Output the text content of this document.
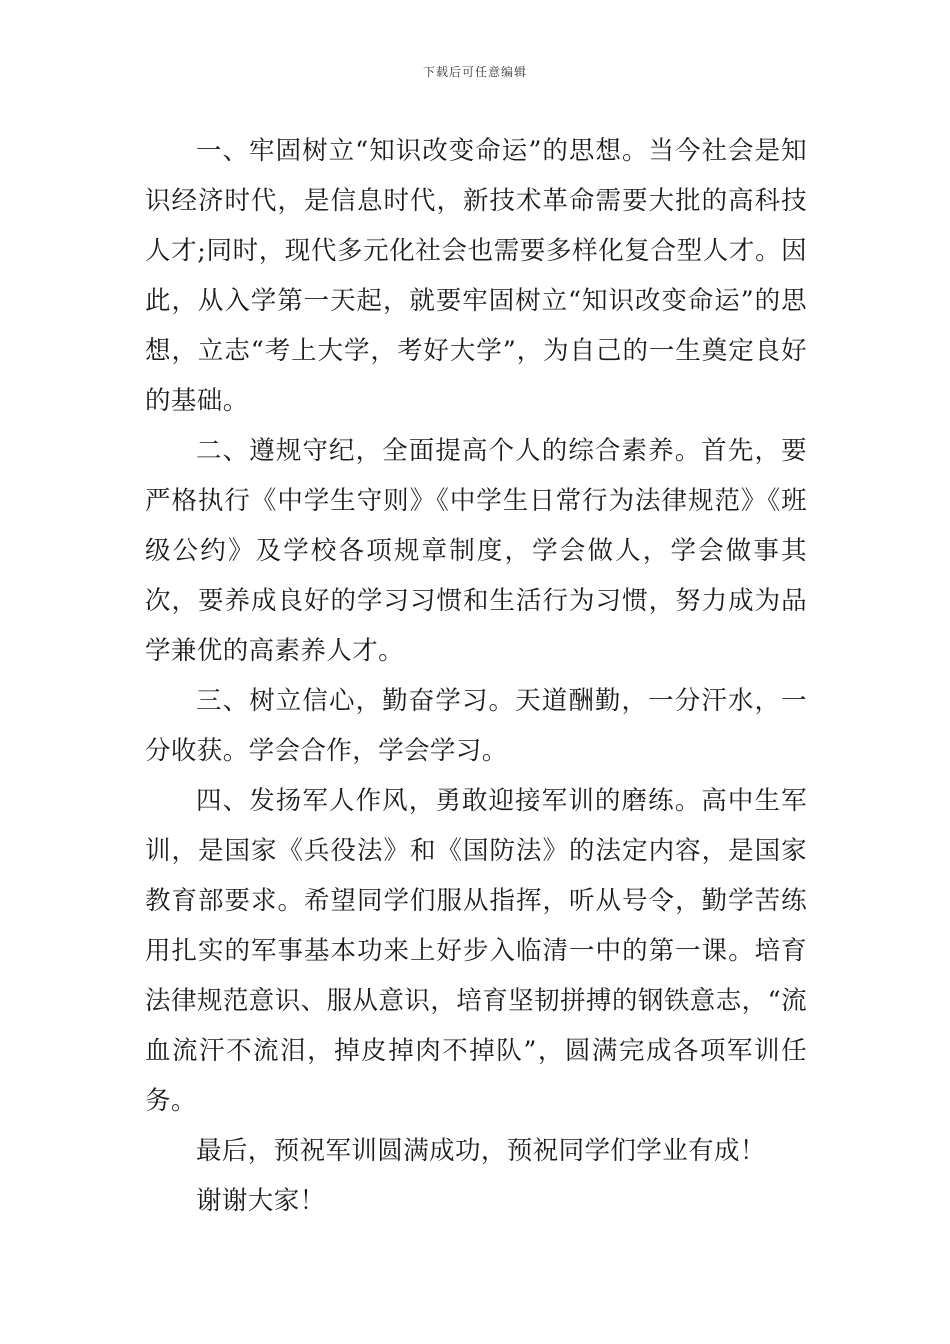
下载后可任意编辑

一、牢固树立“知识改变命运”的思想。当今社会是知识经济时代，是信息时代，新技术革命需要大批的高科技人才;同时，现代多元化社会也需要多样化复合型人才。因此，从入学第一天起，就要牢固树立“知识改变命运”的思想，立志“考上大学，考好大学”，为自己的一生奠定良好的基础。

二、遵规守纪，全面提高个人的综合素养。首先，要严格执行《中学生守则》《中学生日常行为法律规范》《班级公约》及学校各项规章制度，学会做人，学会做事其次，要养成良好的学习习惯和生活行为习惯，努力成为品学兼优的高素养人才。

三、树立信心，勤奋学习。天道酬勤，一分汗水，一分收获。学会合作，学会学习。

四、发扬军人作风，勇敢迎接军训的磨练。高中生军训，是国家《兵役法》和《国防法》的法定内容，是国家教育部要求。希望同学们服从指挥，听从号令，勤学苦练用扎实的军事基本功来上好步入临清一中的第一课。培育法律规范意识、服从意识，培育坚韧拼搏的钢铁意志，“流血流汗不流泪，掉皮掉肉不掉队”，圆满完成各项军训任务。

最后，预祝军训圆满成功，预祝同学们学业有成！

谢谢大家！
